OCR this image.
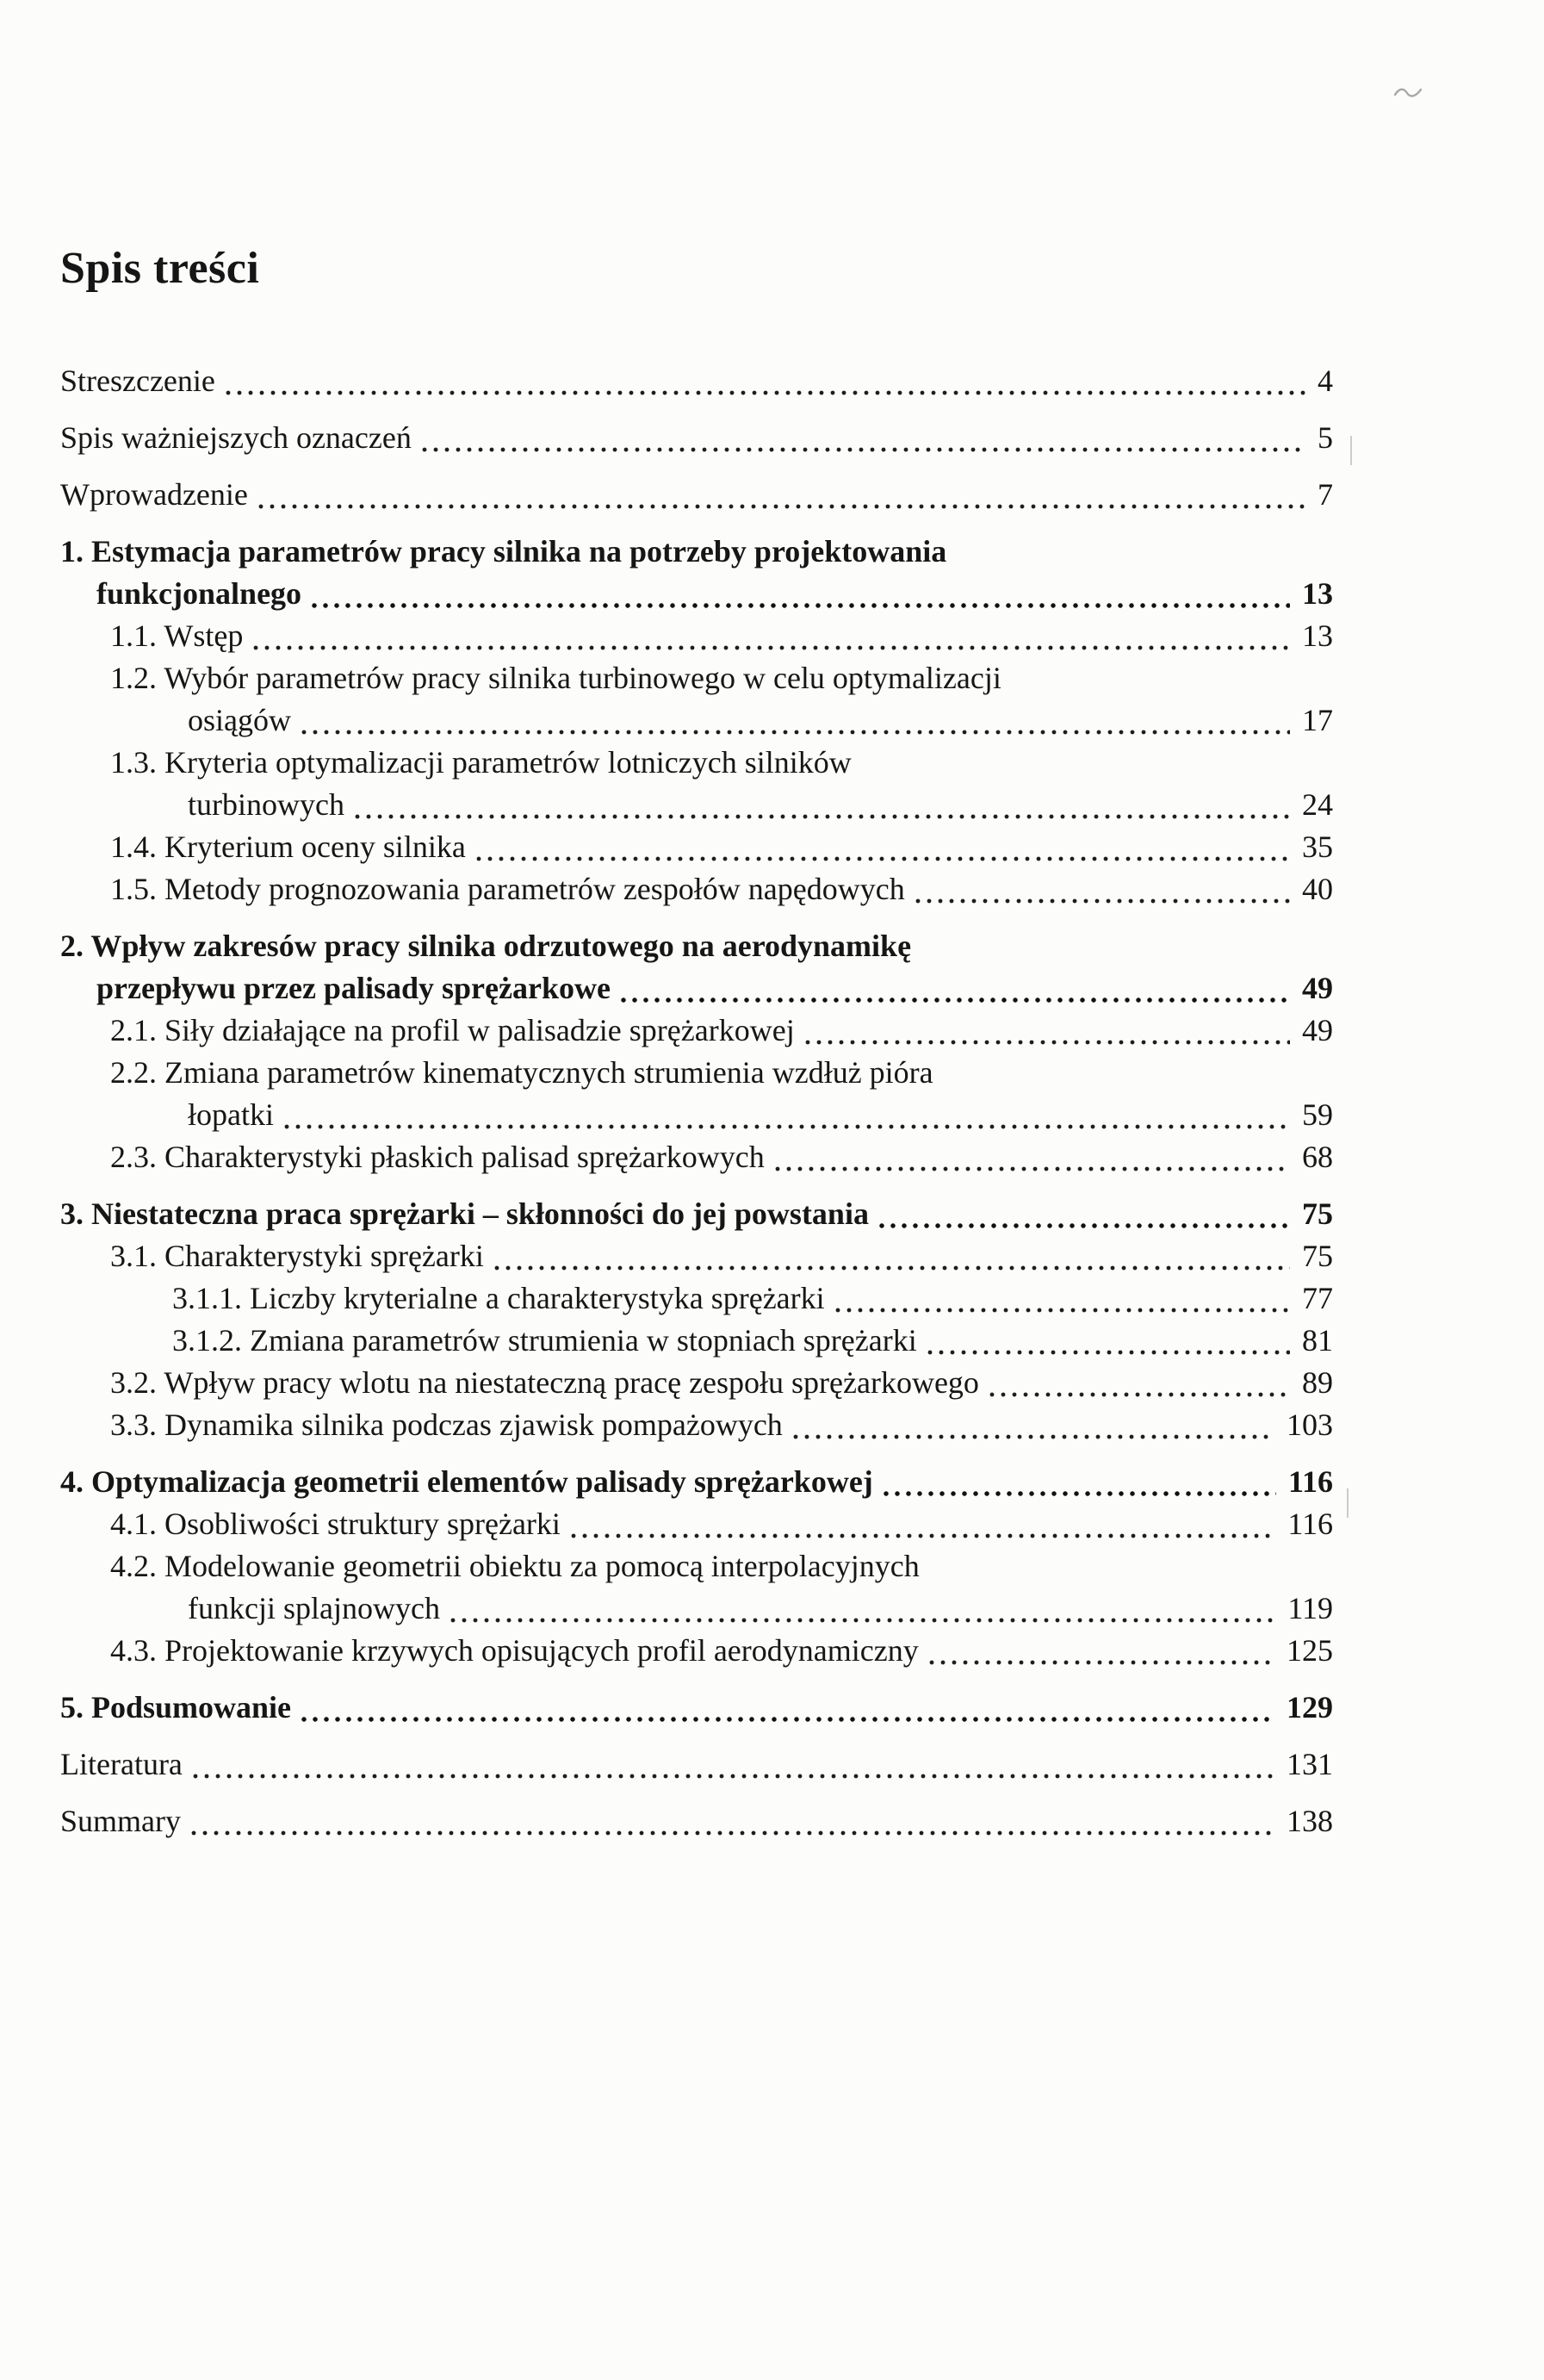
Spis treści
Streszczenie	4
Spis ważniejszych oznaczeń	5
Wprowadzenie	7
1. Estymacja parametrów pracy silnika na potrzeby projektowania
funkcjonalnego	13
1.1. Wstęp	13
1.2. Wybór parametrów pracy silnika turbinowego w celu optymalizacji
osiągów	17
1.3. Kryteria optymalizacji parametrów lotniczych silników
turbinowych	24
1.4. Kryterium oceny silnika	35
1.5. Metody prognozowania parametrów zespołów napędowych	40
2. Wpływ zakresów pracy silnika odrzutowego na aerodynamikę
przepływu przez palisady sprężarkowe	49
2.1. Siły działające na profil w palisadzie sprężarkowej	49
2.2. Zmiana parametrów kinematycznych strumienia wzdłuż pióra
łopatki	59
2.3. Charakterystyki płaskich palisad sprężarkowych	68
3. Niestateczna praca sprężarki – skłonności do jej powstania	75
3.1. Charakterystyki sprężarki	75
3.1.1. Liczby kryterialne a charakterystyka sprężarki	77
3.1.2. Zmiana parametrów strumienia w stopniach sprężarki	81
3.2. Wpływ pracy wlotu na niestateczną pracę zespołu sprężarkowego	89
3.3. Dynamika silnika podczas zjawisk pompażowych	103
4. Optymalizacja geometrii elementów palisady sprężarkowej	116
4.1. Osobliwości struktury sprężarki	116
4.2. Modelowanie geometrii obiektu za pomocą interpolacyjnych
funkcji splajnowych	119
4.3. Projektowanie krzywych opisujących profil aerodynamiczny	125
5. Podsumowanie	129
Literatura	131
Summary	138
